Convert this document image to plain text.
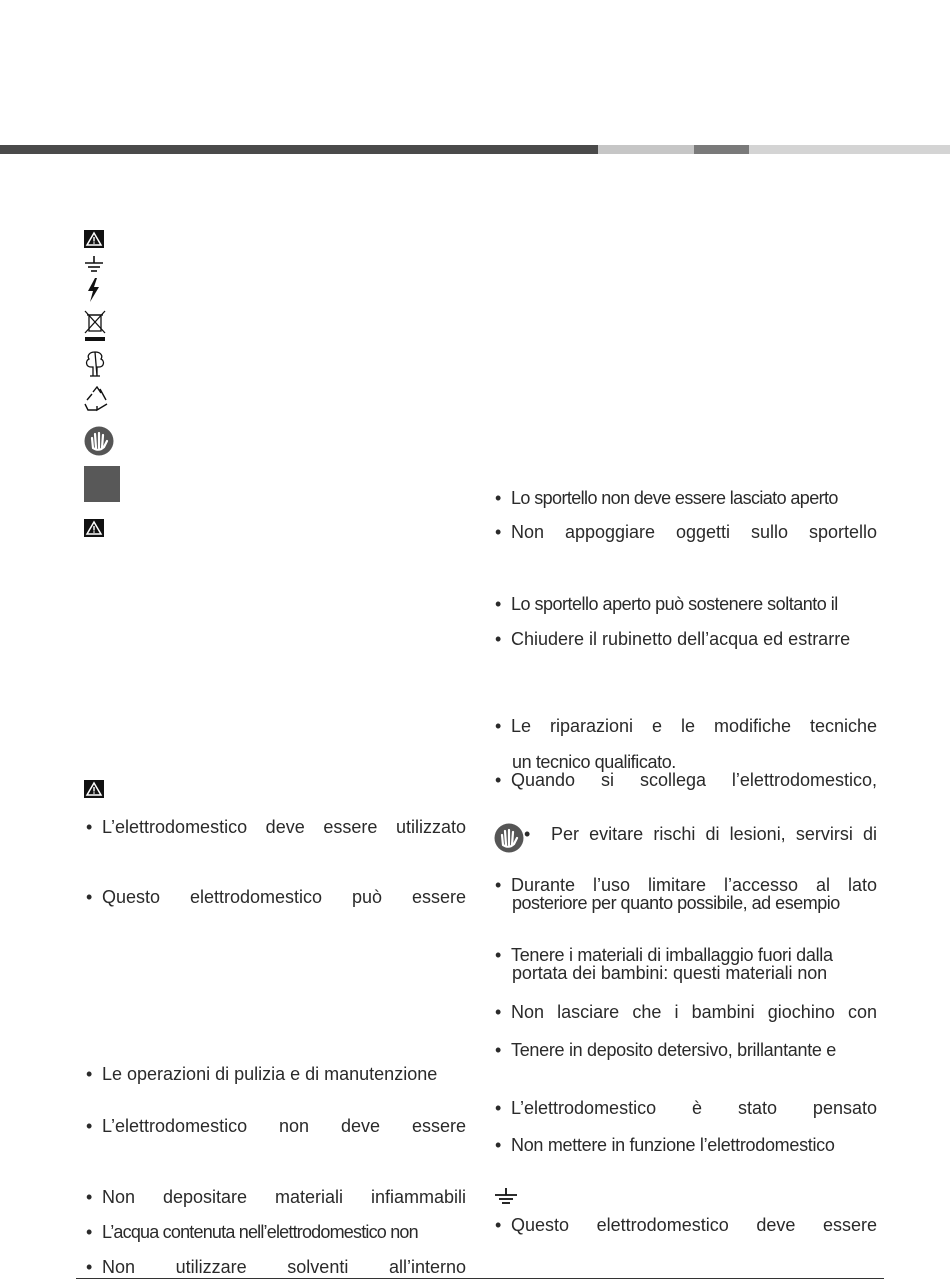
• L’elettrodomestico deve essere utilizzato
• Questo elettrodomestico può essere
• Le operazioni di pulizia e di manutenzione
• L’elettrodomestico non deve essere
• Non depositare materiali infiammabili
• L’acqua contenuta nell’elettrodomestico non
• Non utilizzare solventi all’interno
• Lo sportello non deve essere lasciato aperto
• Non appoggiare oggetti sullo sportello
• Lo sportello aperto può sostenere soltanto il
• Chiudere il rubinetto dell’acqua ed estrarre
• Le riparazioni e le modifiche tecniche
un tecnico qualificato.
• Quando si scollega l’elettrodomestico,
• Per evitare rischi di lesioni, servirsi di
• Durante l’uso limitare l’accesso al lato
posteriore per quanto possibile, ad esempio
• Tenere i materiali di imballaggio fuori dalla
portata dei bambini: questi materiali non
• Non lasciare che i bambini giochino con
• Tenere in deposito detersivo, brillantante e
• L’elettrodomestico è stato pensato
• Non mettere in funzione l’elettrodomestico
• Questo elettrodomestico deve essere
